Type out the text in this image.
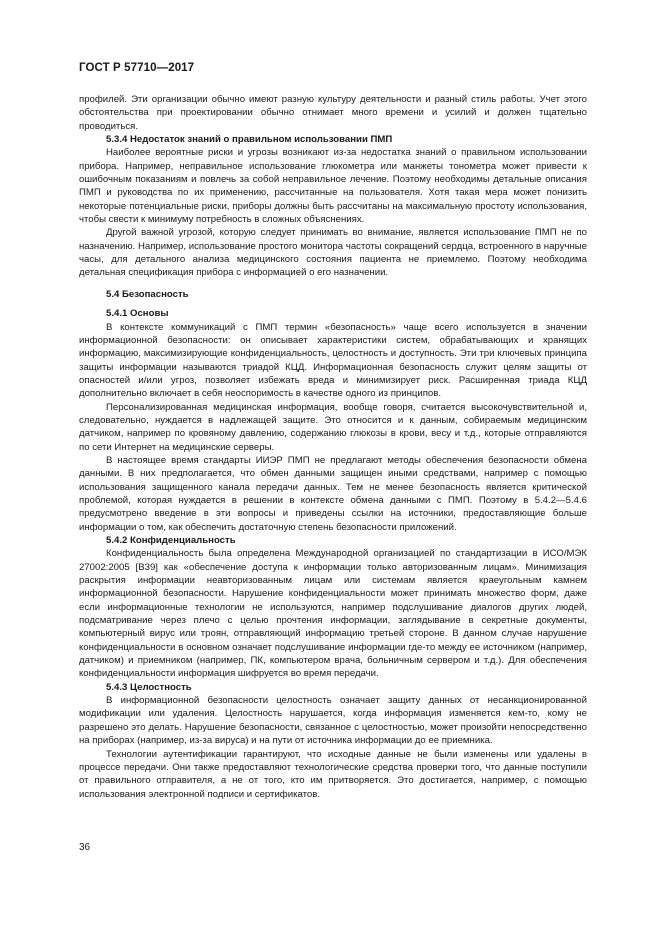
ГОСТ Р 57710—2017

профилей. Эти организации обычно имеют разную культуру деятельности и разный стиль работы. Учет этого обстоятельства при проектировании обычно отнимает много времени и усилий и должен тщательно проводиться.

5.3.4 Недостаток знаний о правильном использовании ПМП

Наиболее вероятные риски и угрозы возникают из-за недостатка знаний о правильном использовании прибора. Например, неправильное использование глюкометра или манжеты тонометра может привести к ошибочным показаниям и повлечь за собой неправильное лечение. Поэтому необходимы детальные описания ПМП и руководства по их применению, рассчитанные на пользователя. Хотя такая мера может понизить некоторые потенциальные риски, приборы должны быть рассчитаны на максимальную простоту использования, чтобы свести к минимуму потребность в сложных объяснениях.

Другой важной угрозой, которую следует принимать во внимание, является использование ПМП не по назначению. Например, использование простого монитора частоты сокращений сердца, встроенного в наручные часы, для детального анализа медицинского состояния пациента не приемлемо. Поэтому необходима детальная спецификация прибора с информацией о его назначении.

5.4 Безопасность
5.4.1 Основы

В контексте коммуникаций с ПМП термин «безопасность» чаще всего используется в значении информационной безопасности: он описывает характеристики систем, обрабатывающих и хранящих информацию, максимизирующие конфиденциальность, целостность и доступность. Эти три ключевых принципа защиты информации называются триадой КЦД. Информационная безопасность служит целям защиты от опасностей и/или угроз, позволяет избежать вреда и минимизирует риск. Расширенная триада КЦД дополнительно включает в себя неоспоримость в качестве одного из принципов.

Персонализированная медицинская информация, вообще говоря, считается высокочувствительной и, следовательно, нуждается в надлежащей защите. Это относится и к данным, собираемым медицинским датчиком, например по кровяному давлению, содержанию глюкозы в крови, весу и т.д., которые отправляются по сети Интернет на медицинские серверы.

В настоящее время стандарты ИИЭР ПМП не предлагают методы обеспечения безопасности обмена данными. В них предполагается, что обмен данными защищен иными средствами, например с помощью использования защищенного канала передачи данных. Тем не менее безопасность является критической проблемой, которая нуждается в решении в контексте обмена данными с ПМП. Поэтому в 5.4.2—5.4.6 предусмотрено введение в эти вопросы и приведены ссылки на источники, предоставляющие больше информации о том, как обеспечить достаточную степень безопасности приложений.

5.4.2 Конфиденциальность

Конфиденциальность была определена Международной организацией по стандартизации в ИСО/МЭК 27002:2005 [B39] как «обеспечение доступа к информации только авторизованным лицам». Минимизация раскрытия информации неавторизованным лицам или системам является краеугольным камнем информационной безопасности. Нарушение конфиденциальности может принимать множество форм, даже если информационные технологии не используются, например подслушивание диалогов других людей, подсматривание через плечо с целью прочтения информации, заглядывание в секретные документы, компьютерный вирус или троян, отправляющий информацию третьей стороне. В данном случае нарушение конфиденциальности в основном означает подслушивание информации где-то между ее источником (например, датчиком) и приемником (например, ПК, компьютером врача, больничным сервером и т.д.). Для обеспечения конфиденциальности информация шифруется во время передачи.

5.4.3 Целостность

В информационной безопасности целостность означает защиту данных от несанкционированной модификации или удаления. Целостность нарушается, когда информация изменяется кем-то, кому не разрешено это делать. Нарушение безопасности, связанное с целостностью, может произойти непосредственно на приборах (например, из-за вируса) и на пути от источника информации до ее приемника.

Технологии аутентификации гарантируют, что исходные данные не были изменены или удалены в процессе передачи. Они также предоставляют технологические средства проверки того, что данные поступили от правильного отправителя, а не от того, кто им притворяется. Это достигается, например, с помощью использования электронной подписи и сертификатов.

36
